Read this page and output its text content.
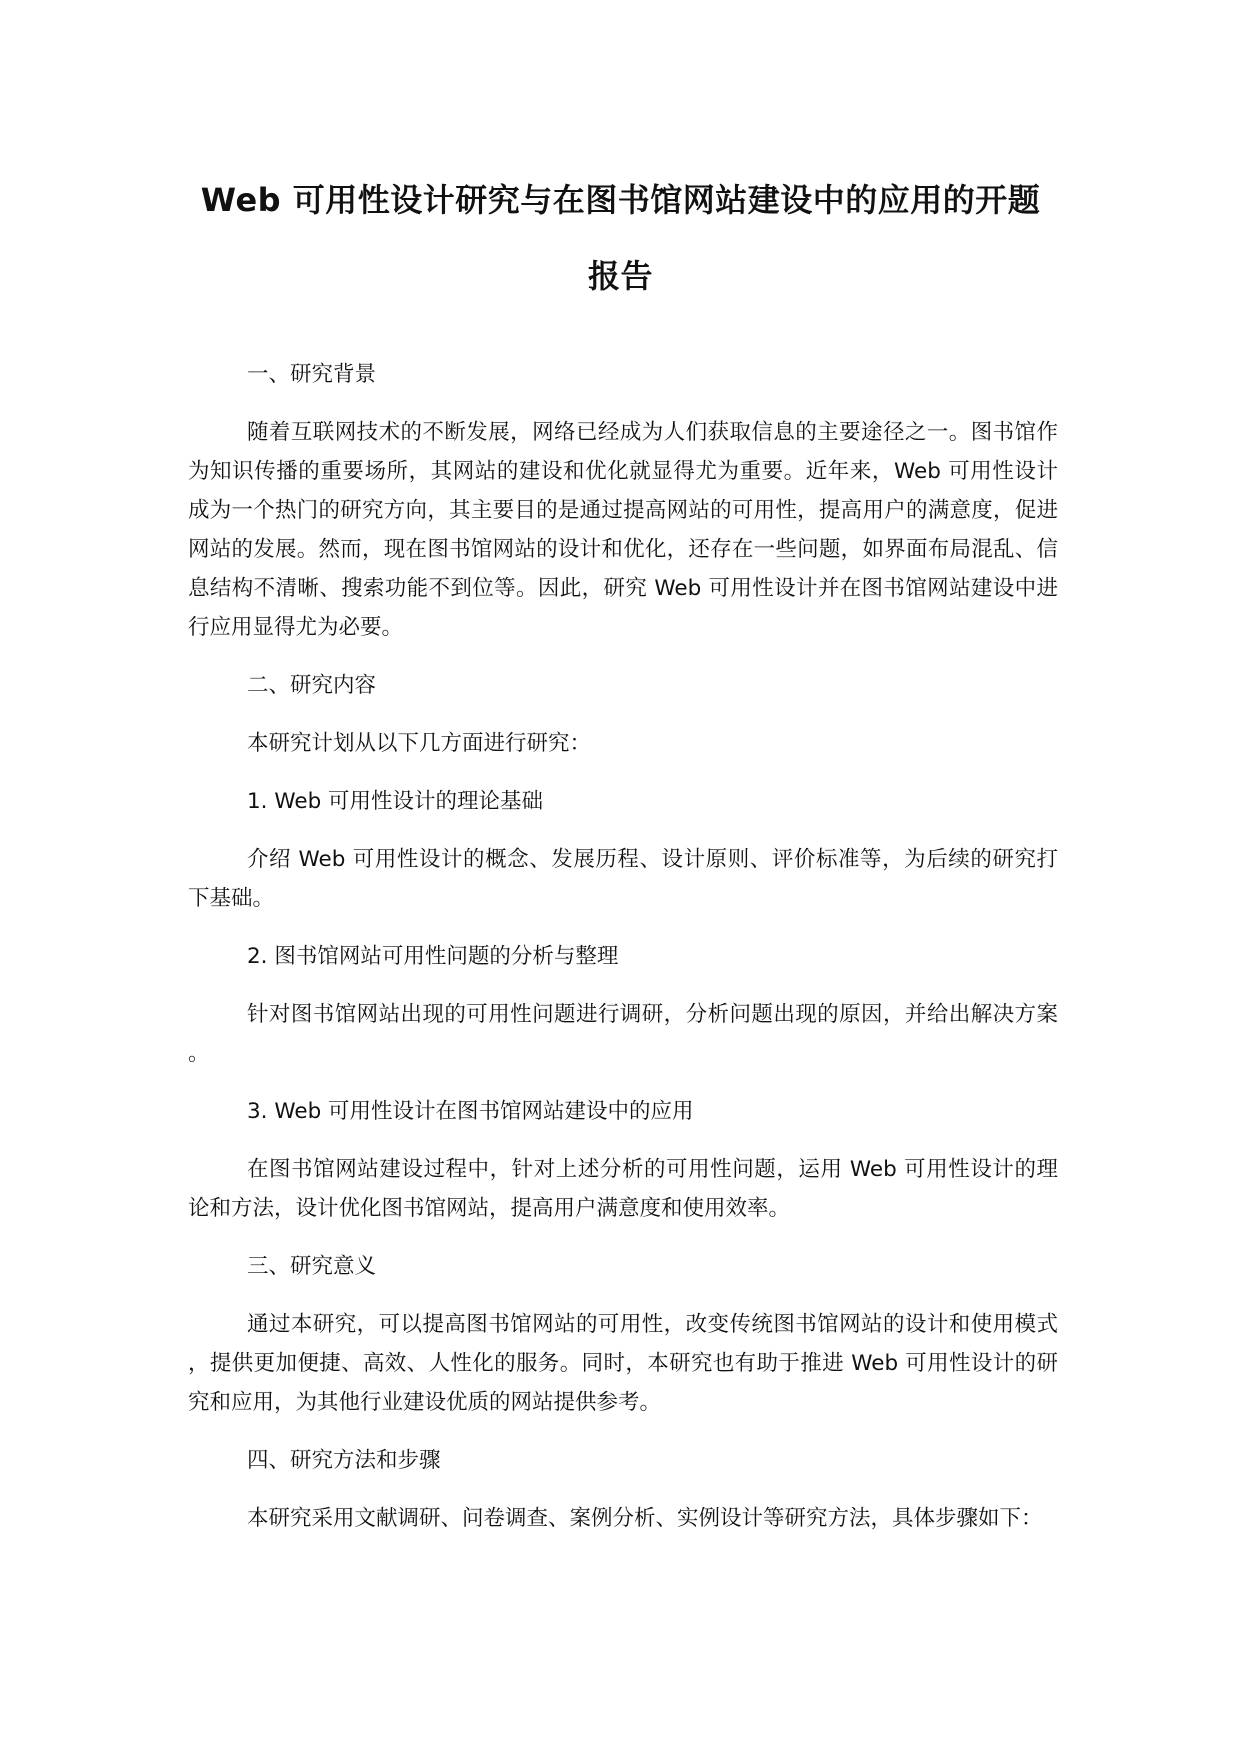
Web 可用性设计研究与在图书馆网站建设中的应用的开题
报告
一、研究背景
随着互联网技术的不断发展，网络已经成为人们获取信息的主要途径之一。图书馆作为知识传播的重要场所，其网站的建设和优化就显得尤为重要。近年来，Web 可用性设计成为一个热门的研究方向，其主要目的是通过提高网站的可用性，提高用户的满意度，促进网站的发展。然而，现在图书馆网站的设计和优化，还存在一些问题，如界面布局混乱、信息结构不清晰、搜索功能不到位等。因此，研究 Web 可用性设计并在图书馆网站建设中进行应用显得尤为必要。
二、研究内容
本研究计划从以下几方面进行研究：
1. Web 可用性设计的理论基础
介绍 Web 可用性设计的概念、发展历程、设计原则、评价标准等，为后续的研究打下基础。
2. 图书馆网站可用性问题的分析与整理
针对图书馆网站出现的可用性问题进行调研，分析问题出现的原因，并给出解决方案。
3. Web 可用性设计在图书馆网站建设中的应用
在图书馆网站建设过程中，针对上述分析的可用性问题，运用 Web 可用性设计的理论和方法，设计优化图书馆网站，提高用户满意度和使用效率。
三、研究意义
通过本研究，可以提高图书馆网站的可用性，改变传统图书馆网站的设计和使用模式，提供更加便捷、高效、人性化的服务。同时，本研究也有助于推进 Web 可用性设计的研究和应用，为其他行业建设优质的网站提供参考。
四、研究方法和步骤
本研究采用文献调研、问卷调查、案例分析、实例设计等研究方法，具体步骤如下：
